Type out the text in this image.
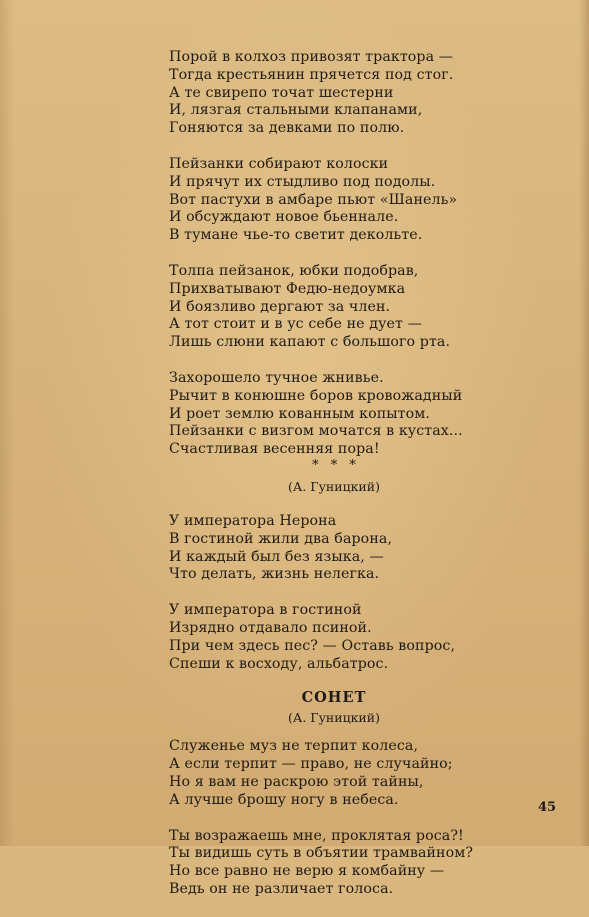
Порой в колхоз привозят трактора —
Тогда крестьянин прячется под стог.
А те свирепо точат шестерни
И, лязгая стальными клапанами,
Гоняются за девками по полю.
Пейзанки собирают колоски
И прячут их стыдливо под подолы.
Вот пастухи в амбаре пьют «Шанель»
И обсуждают новое бьеннале.
В тумане чье-то светит декольте.
Толпа пейзанок, юбки подобрав,
Прихватывают Федю-недоумка
И боязливо дергают за член.
А тот стоит и в ус себе не дует —
Лишь слюни капают с большого рта.
Захорошело тучное жнивье.
Рычит в конюшне боров кровожадный
И роет землю кованным копытом.
Пейзанки с визгом мочатся в кустах...
Счастливая весенняя пора!
* * *
(А. Гуницкий)
У императора Нерона
В гостиной жили два барона,
И каждый был без языка, —
Что делать, жизнь нелегка.
У императора в гостиной
Изрядно отдавало псиной.
При чем здесь пес? — Оставь вопрос,
Спеши к восходу, альбатрос.
СОНЕТ
(А. Гуницкий)
Служенье муз не терпит колеса,
А если терпит — право, не случайно;
Но я вам не раскрою этой тайны,
А лучше брошу ногу в небеса.
Ты возражаешь мне, проклятая роса?!
Ты видишь суть в объятии трамвайном?
Но все равно не верю я комбайну —
Ведь он не различает голоса.
45
